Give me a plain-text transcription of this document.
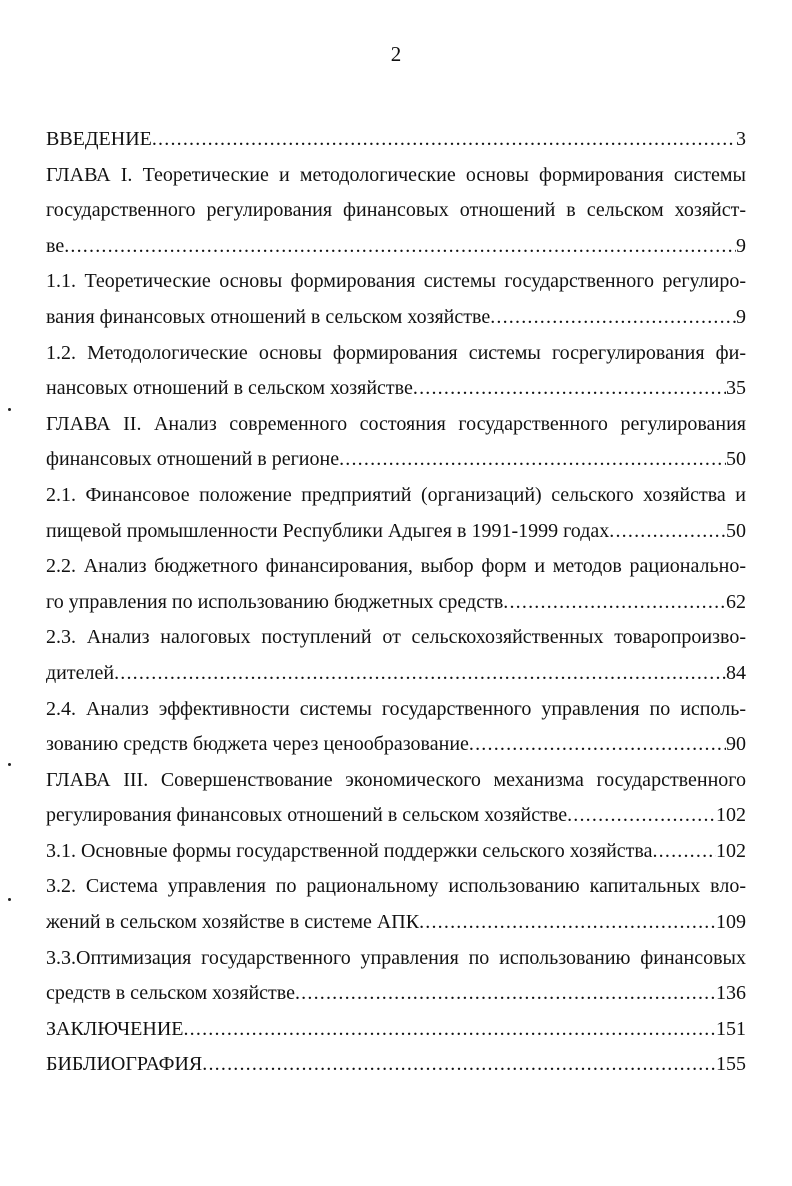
2
ВВЕДЕНИЕ .....	3
ГЛАВА I. Теоретические и методологические основы формирования системы
государственного регулирования финансовых отношений в сельском хозяйст-
ве .....	9
1.1. Теоретические основы формирования системы государственного регулиро-
вания финансовых отношений в сельском хозяйстве .....	9
1.2. Методологические основы формирования системы госрегулирования фи-
нансовых отношений в сельском хозяйстве .....	35
ГЛАВА II. Анализ современного состояния государственного регулирования
финансовых отношений в регионе .....	50
2.1. Финансовое положение предприятий (организаций) сельского хозяйства и
пищевой промышленности Республики Адыгея в 1991-1999 годах .....	50
2.2. Анализ бюджетного финансирования, выбор форм и методов рационально-
го управления по использованию бюджетных средств .....	62
2.3. Анализ налоговых поступлений от сельскохозяйственных товаропроизво-
дителей .....	84
2.4. Анализ эффективности системы государственного управления по исполь-
зованию средств бюджета через ценообразование .....	90
ГЛАВА III. Совершенствование экономического механизма государственного
регулирования финансовых отношений в сельском хозяйстве .....	102
3.1. Основные формы государственной поддержки сельского хозяйства .....	102
3.2. Система управления по рациональному использованию капитальных вло-
жений в сельском хозяйстве в системе АПК .....	109
3.3.Оптимизация государственного управления по использованию финансовых
средств в сельском хозяйстве .....	136
ЗАКЛЮЧЕНИЕ .....	151
БИБЛИОГРАФИЯ .....	155
